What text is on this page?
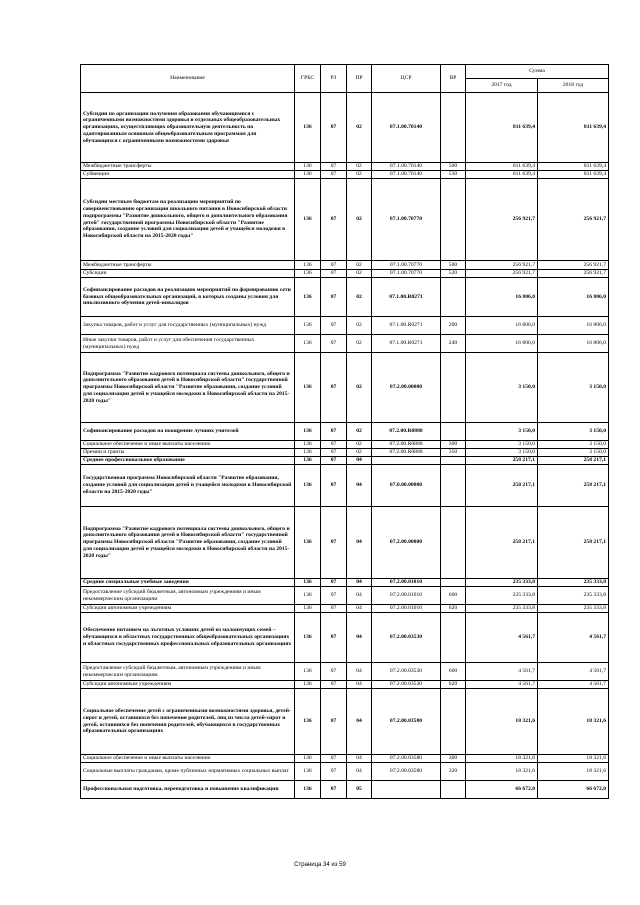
Наименование	ГРБС	РЗ	ПР	ЦСР	ВР	Сумма	
						2017 год	2018 год
Субсидии по организации получения образования обучающимися с ограниченными возможностями здоровья в отдельных общеобразовательных организациях, осуществляющих образовательную деятельность по адаптированным основным общеобразовательным программам для обучающихся с ограниченными возможностями здоровья	136	07	02	07.1.00.70140		811 639,4	811 639,4
Межбюджетные трансферты	136	07	02	07.1.00.70140	500	811 639,4	811 639,4
Субвенции	136	07	02	07.1.00.70140	530	811 639,4	811 639,4
Субсидии местным бюджетам на реализацию мероприятий по совершенствованию организации школьного питания в Новосибирской области подпрограммы "Развитие дошкольного, общего и дополнительного образования детей" государственной программы Новосибирской области "Развитие образования, создание условий для социализации детей и учащейся молодежи в Новосибирской области на 2015-2020 годы"	136	07	02	07.1.00.70770		256 921,7	256 921,7
Межбюджетные трансферты	136	07	02	07.1.00.70770	500	256 921,7	256 921,7
Субсидии	136	07	02	07.1.00.70770	520	256 921,7	256 921,7
Софинансирование расходов на реализацию мероприятий по формированию сети базовых общеобразовательных организаций, в которых созданы условия для инклюзивного обучения детей-инвалидов	136	07	02	07.1.00.R0271		16 806,0	16 806,0
Закупка товаров, работ и услуг для государственных (муниципальных) нужд	136	07	02	07.1.00.R0271	200	16 806,0	16 806,0
Иные закупки товаров, работ и услуг для обеспечения государственных (муниципальных) нужд	136	07	02	07.1.00.R0271	240	16 806,0	16 806,0
Подпрограмма "Развитие кадрового потенциала системы дошкольного, общего и дополнительного образования детей в Новосибирской области" государственной программы Новосибирской области "Развитие образования, создание условий для социализации детей и учащейся молодежи в Новосибирской области на 2015-2020 годы"	136	07	02	07.2.00.00000		3 150,0	3 150,0
Софинансирование расходов на поощрение лучших учителей	136	07	02	07.2.00.R0880		3 150,0	3 150,0
Социальное обеспечение и иные выплаты населению	136	07	02	07.2.00.R0880	300	3 150,0	3 150,0
Премии и гранты	136	07	02	07.2.00.R0880	350	3 150,0	3 150,0
Среднее профессиональное образование	136	07	04			258 217,1	258 217,1
Государственная программа Новосибирской области "Развитие образования, создание условий для социализации детей и учащейся молодежи в Новосибирской области на 2015-2020 годы"	136	07	04	07.0.00.00000		258 217,1	258 217,1
Подпрограмма "Развитие кадрового потенциала системы дошкольного, общего и дополнительного образования детей в Новосибирской области" государственной программы Новосибирской области "Развитие образования, создание условий для социализации детей и учащейся молодежи в Новосибирской области на 2015-2020 годы"	136	07	04	07.2.00.00000		258 217,1	258 217,1
Средние специальные учебные заведения	136	07	04	07.2.00.01010		235 333,8	235 333,8
Предоставление субсидий бюджетным, автономным учреждениям и иным некоммерческим организациям	136	07	04	07.2.00.01010	600	235 333,8	235 333,8
Субсидии автономным учреждениям	136	07	04	07.2.00.01010	620	235 333,8	235 333,8
Обеспечение питанием на льготных условиях детей из малоимущих семей – обучающихся в областных государственных общеобразовательных организациях и областных государственных профессиональных образовательных организациях	136	07	04	07.2.00.03530		4 561,7	4 561,7
Предоставление субсидий бюджетным, автономным учреждениям и иным некоммерческим организациям	136	07	04	07.2.00.03530	600	4 561,7	4 561,7
Субсидии автономным учреждениям	136	07	04	07.2.00.03530	620	4 561,7	4 561,7
Социальное обеспечение детей с ограниченными возможностями здоровья, детей-сирот и детей, оставшихся без попечения родителей, лиц из числа детей-сирот и детей, оставшихся без попечения родителей, обучающихся в государственных образовательных организациях	136	07	04	07.2.00.03580		18 321,6	18 321,6
Социальное обеспечение и иные выплаты населению	136	07	04	07.2.00.03580	300	18 321,6	18 321,6
Социальные выплаты гражданам, кроме публичных нормативных социальных выплат	136	07	04	07.2.00.03580	320	18 321,6	18 321,6
Профессиональная подготовка, переподготовка и повышение квалификации	136	07	05			66 672,0	66 672,0
Страница 34 из 59
